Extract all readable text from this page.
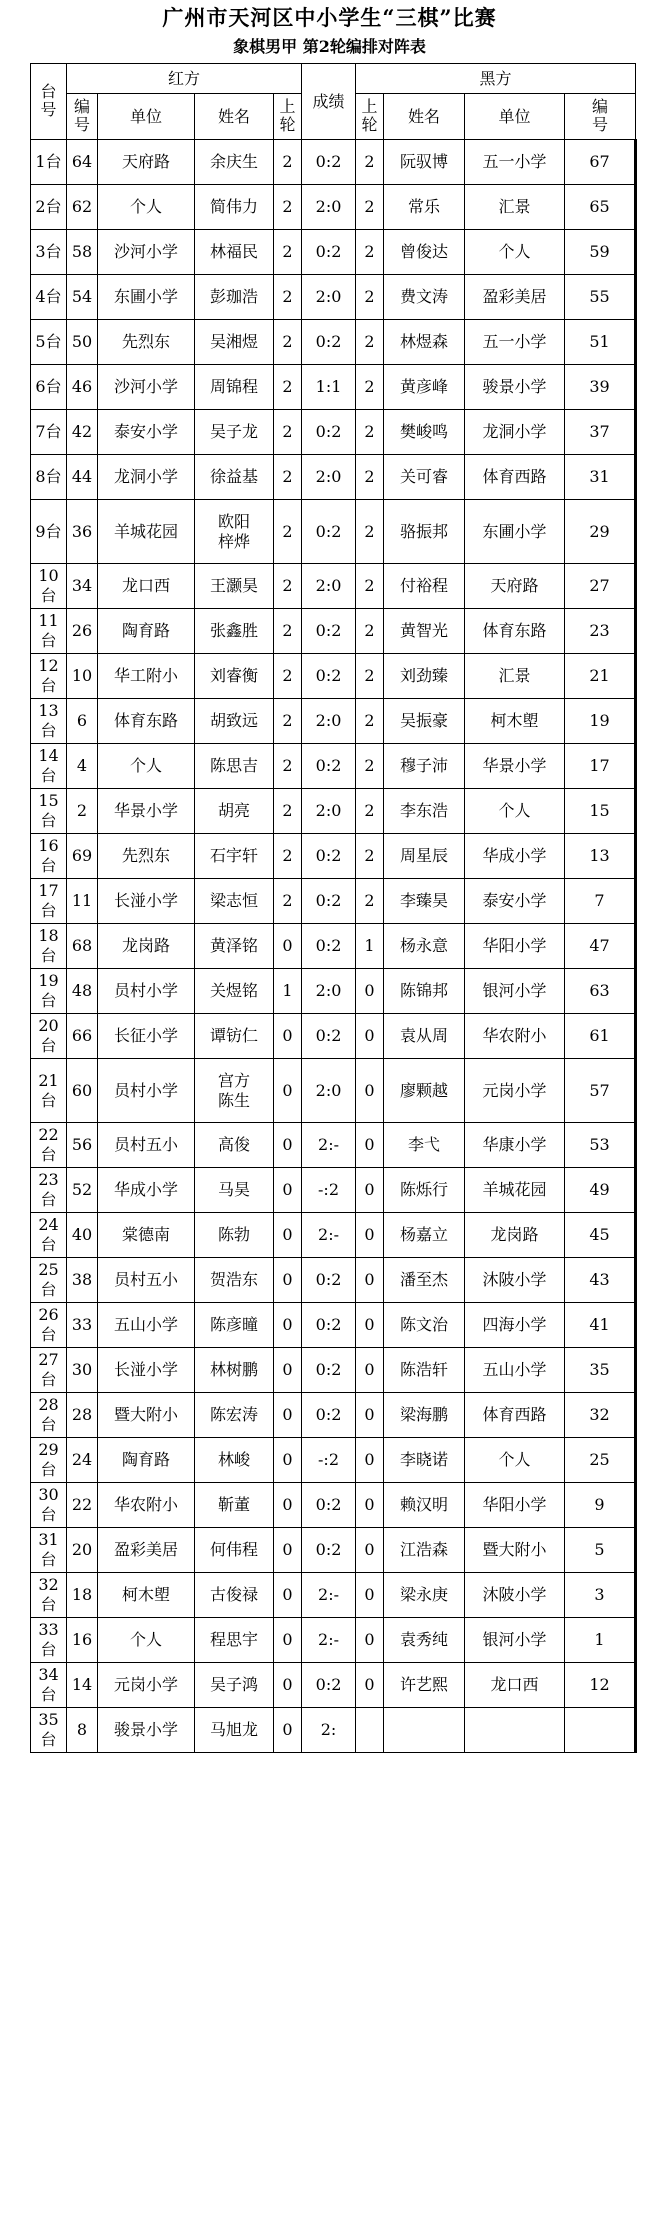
广州市天河区中小学生“三棋”比赛
象棋男甲 第2轮编排对阵表
台号	红方				成绩	黑方			
	编号	单位	姓名	上轮		上轮	姓名	单位	编号
1台	64	天府路	余庆生	2	0:2	2	阮驭博	五一小学	67
2台	62	个人	简伟力	2	2:0	2	常乐	汇景	65
3台	58	沙河小学	林福民	2	0:2	2	曾俊达	个人	59
4台	54	东圃小学	彭珈浩	2	2:0	2	费文涛	盈彩美居	55
5台	50	先烈东	吴湘煜	2	0:2	2	林煜森	五一小学	51
6台	46	沙河小学	周锦程	2	1:1	2	黄彦峰	骏景小学	39
7台	42	泰安小学	吴子龙	2	0:2	2	樊峻鸣	龙洞小学	37
8台	44	龙洞小学	徐益基	2	2:0	2	关可睿	体育西路	31
9台	36	羊城花园	欧阳梓烨	2	0:2	2	骆振邦	东圃小学	29
10台	34	龙口西	王灏昊	2	2:0	2	付裕程	天府路	27
11台	26	陶育路	张鑫胜	2	0:2	2	黄智光	体育东路	23
12台	10	华工附小	刘睿衡	2	0:2	2	刘劲臻	汇景	21
13台	6	体育东路	胡致远	2	2:0	2	吴振豪	柯木塱	19
14台	4	个人	陈思吉	2	0:2	2	穆子沛	华景小学	17
15台	2	华景小学	胡亮	2	2:0	2	李东浩	个人	15
16台	69	先烈东	石宇轩	2	0:2	2	周星辰	华成小学	13
17台	11	长湴小学	梁志恒	2	0:2	2	李臻昊	泰安小学	7
18台	68	龙岗路	黄泽铭	0	0:2	1	杨永意	华阳小学	47
19台	48	员村小学	关煜铭	1	2:0	0	陈锦邦	银河小学	63
20台	66	长征小学	谭钫仁	0	0:2	0	袁从周	华农附小	61
21台	60	员村小学	宫方陈生	0	2:0	0	廖颗越	元岗小学	57
22台	56	员村五小	高俊	0	2:-	0	李弋	华康小学	53
23台	52	华成小学	马昊	0	-:2	0	陈烁行	羊城花园	49
24台	40	棠德南	陈勃	0	2:-	0	杨嘉立	龙岗路	45
25台	38	员村五小	贺浩东	0	0:2	0	潘至杰	沐陂小学	43
26台	33	五山小学	陈彦曈	0	0:2	0	陈文治	四海小学	41
27台	30	长湴小学	林树鹏	0	0:2	0	陈浩轩	五山小学	35
28台	28	暨大附小	陈宏涛	0	0:2	0	梁海鹏	体育西路	32
29台	24	陶育路	林峻	0	-:2	0	李晓诺	个人	25
30台	22	华农附小	靳董	0	0:2	0	赖汉明	华阳小学	9
31台	20	盈彩美居	何伟程	0	0:2	0	江浩森	暨大附小	5
32台	18	柯木塱	古俊禄	0	2:-	0	梁永庚	沐陂小学	3
33台	16	个人	程思宇	0	2:-	0	袁秀纯	银河小学	1
34台	14	元岗小学	吴子鸿	0	0:2	0	许艺熙	龙口西	12
35台	8	骏景小学	马旭龙	0	2:				
